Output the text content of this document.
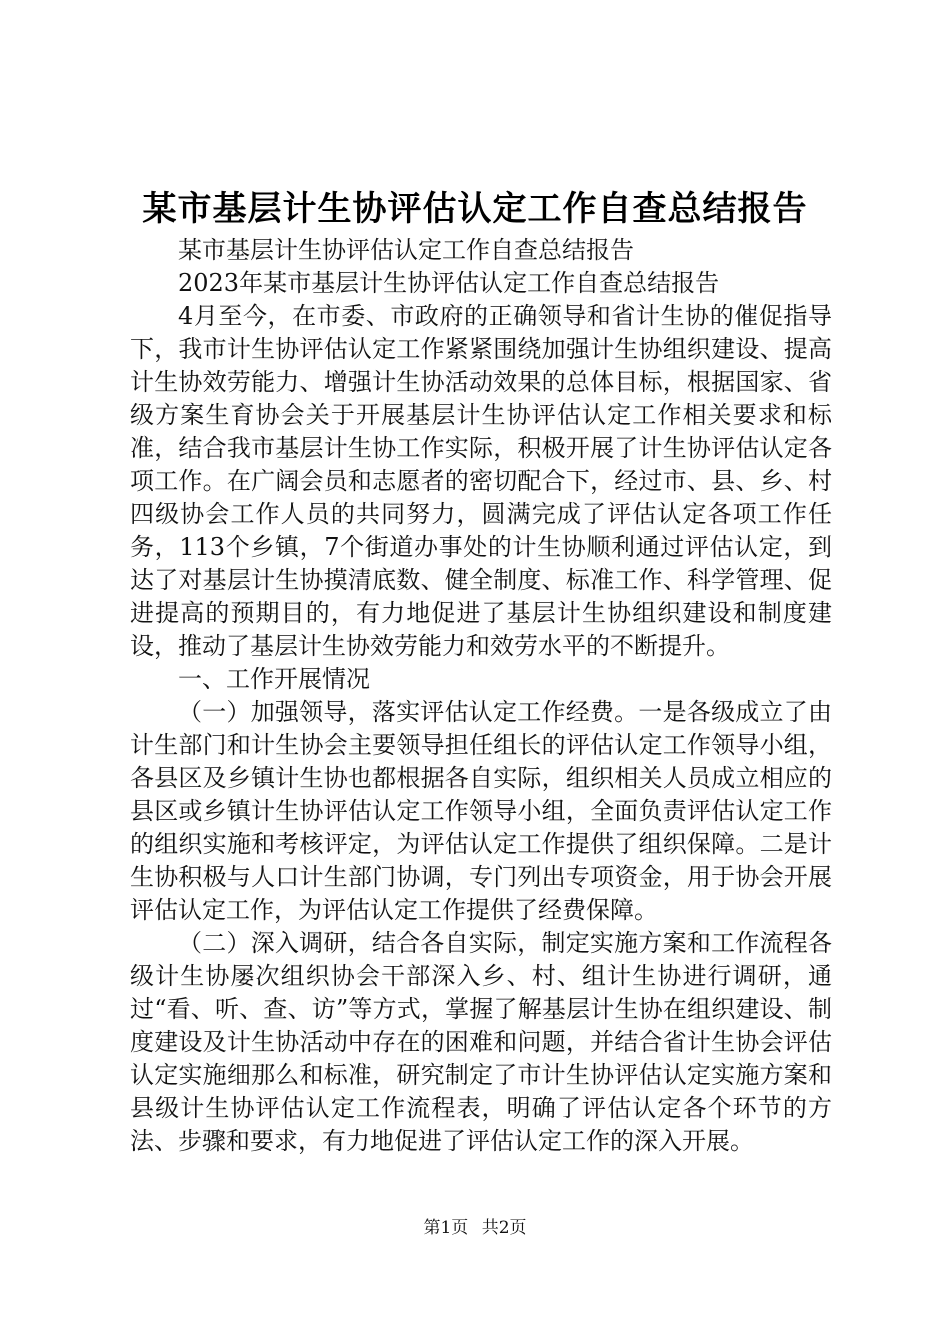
某市基层计生协评估认定工作自查总结报告

某市基层计生协评估认定工作自查总结报告

2023年某市基层计生协评估认定工作自查总结报告

4月至今，在市委、市政府的正确领导和省计生协的催促指导下，我市计生协评估认定工作紧紧围绕加强计生协组织建设、提高计生协效劳能力、增强计生协活动效果的总体目标，根据国家、省级方案生育协会关于开展基层计生协评估认定工作相关要求和标准，结合我市基层计生协工作实际，积极开展了计生协评估认定各项工作。在广阔会员和志愿者的密切配合下，经过市、县、乡、村四级协会工作人员的共同努力，圆满完成了评估认定各项工作任务，113个乡镇，7个街道办事处的计生协顺利通过评估认定，到达了对基层计生协摸清底数、健全制度、标准工作、科学管理、促进提高的预期目的，有力地促进了基层计生协组织建设和制度建设，推动了基层计生协效劳能力和效劳水平的不断提升。

一、工作开展情况

（一）加强领导，落实评估认定工作经费。一是各级成立了由计生部门和计生协会主要领导担任组长的评估认定工作领导小组，各县区及乡镇计生协也都根据各自实际，组织相关人员成立相应的县区或乡镇计生协评估认定工作领导小组，全面负责评估认定工作的组织实施和考核评定，为评估认定工作提供了组织保障。二是计生协积极与人口计生部门协调，专门列出专项资金，用于协会开展评估认定工作，为评估认定工作提供了经费保障。

（二）深入调研，结合各自实际，制定实施方案和工作流程各级计生协屡次组织协会干部深入乡、村、组计生协进行调研，通过“看、听、查、访”等方式，掌握了解基层计生协在组织建设、制度建设及计生协活动中存在的困难和问题，并结合省计生协会评估认定实施细那么和标准，研究制定了市计生协评估认定实施方案和县级计生协评估认定工作流程表，明确了评估认定各个环节的方法、步骤和要求，有力地促进了评估认定工作的深入开展。

第1页 共2页
